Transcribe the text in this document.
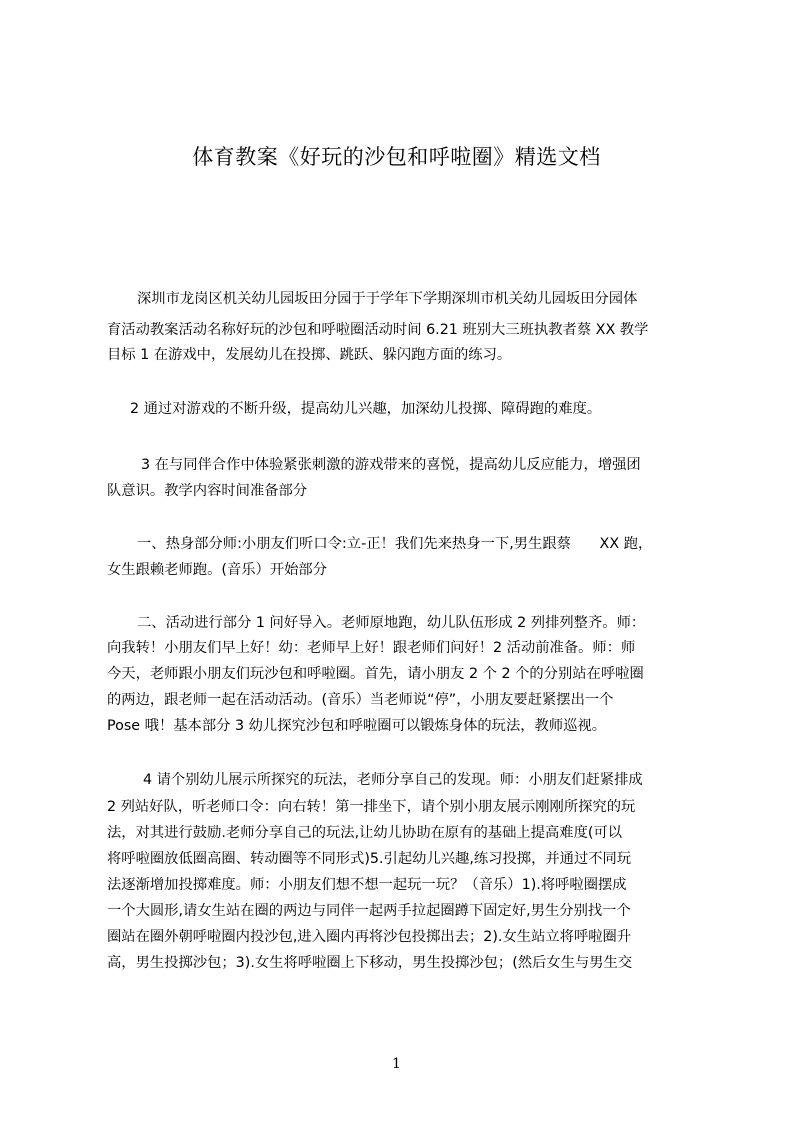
体育教案《好玩的沙包和呼啦圈》精选文档
深圳市龙岗区机关幼儿园坂田分园于于学年下学期深圳市机关幼儿园坂田分园体
育活动教案活动名称好玩的沙包和呼啦圈活动时间 6.21 班别大三班执教者蔡 XX 教学
目标 1 在游戏中，发展幼儿在投掷、跳跃、躲闪跑方面的练习。
2 通过对游戏的不断升级，提高幼儿兴趣，加深幼儿投掷、障碍跑的难度。
3 在与同伴合作中体验紧张刺激的游戏带来的喜悦，提高幼儿反应能力，增强团
队意识。教学内容时间准备部分
一、热身部分师:小朋友们听口令:立-正！我们先来热身一下,男生跟蔡　　XX 跑，
女生跟赖老师跑。(音乐）开始部分
二、活动进行部分 1 问好导入。老师原地跑，幼儿队伍形成 2 列排列整齐。师：
向我转！小朋友们早上好！幼：老师早上好！跟老师们问好！2 活动前准备。师：师
今天，老师跟小朋友们玩沙包和呼啦圈。首先，请小朋友 2 个 2 个的分别站在呼啦圈
的两边，跟老师一起在活动活动。(音乐）当老师说“停”，小朋友要赶紧摆出一个
Pose 哦！基本部分 3 幼儿探究沙包和呼啦圈可以锻炼身体的玩法，教师巡视。
4 请个别幼儿展示所探究的玩法，老师分享自己的发现。师：小朋友们赶紧排成
2 列站好队，听老师口令：向右转！第一排坐下，请个别小朋友展示刚刚所探究的玩
法，对其进行鼓励.老师分享自己的玩法,让幼儿协助在原有的基础上提高难度(可以
将呼啦圈放低圈高圈、转动圈等不同形式)5.引起幼儿兴趣,练习投掷，并通过不同玩
法逐渐增加投掷难度。师：小朋友们想不想一起玩一玩？（音乐）1).将呼啦圈摆成
一个大圆形,请女生站在圈的两边与同伴一起两手拉起圈蹲下固定好,男生分别找一个
圈站在圈外朝呼啦圈内投沙包,进入圈内再将沙包投掷出去；2).女生站立将呼啦圈升
高，男生投掷沙包；3).女生将呼啦圈上下移动，男生投掷沙包；(然后女生与男生交
1
